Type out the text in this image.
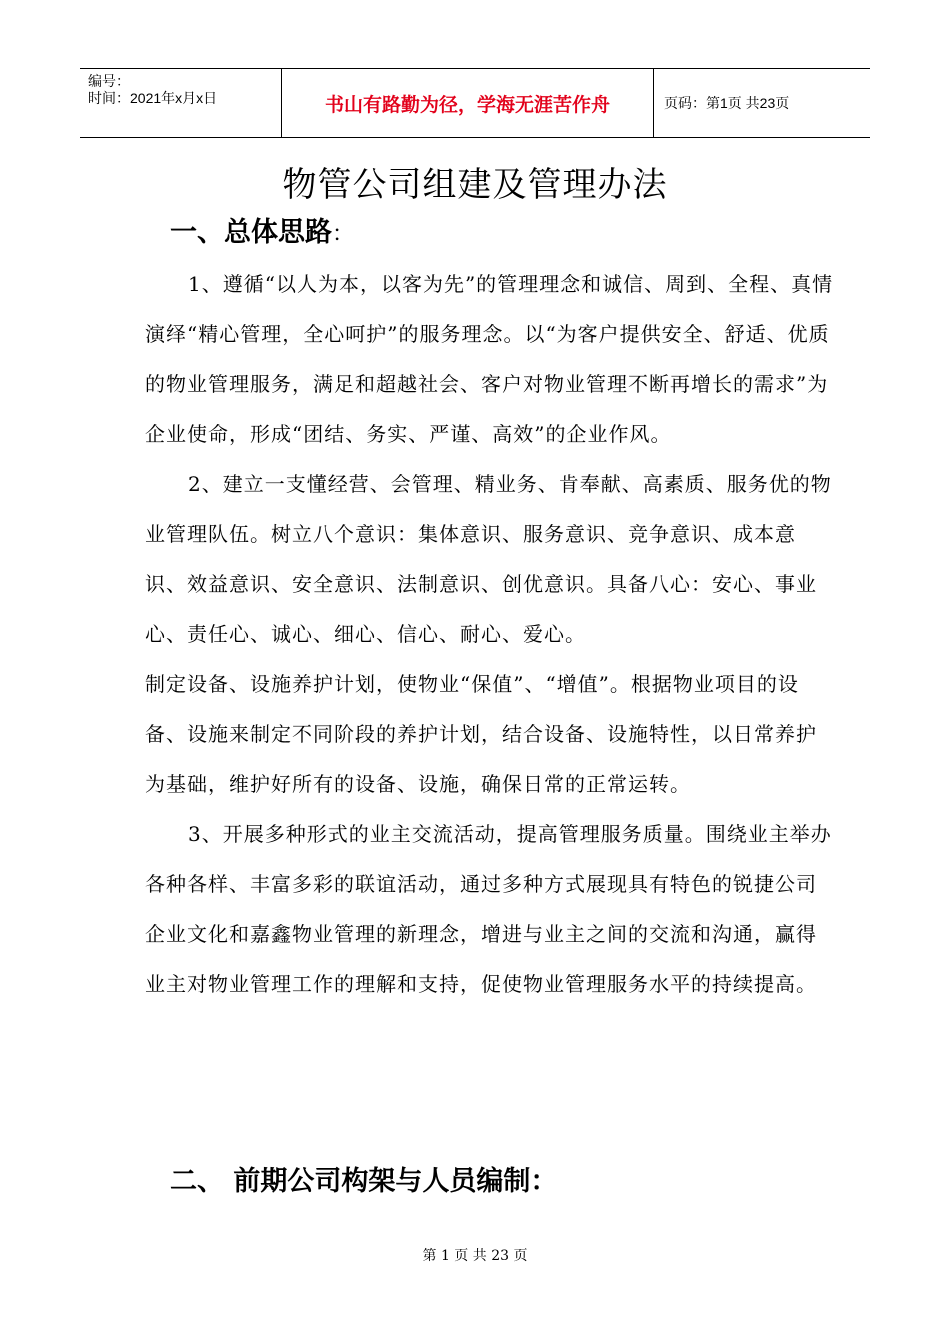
编号：
时间：2021年x月x日	书山有路勤为径，学海无涯苦作舟	页码：第1页 共23页
物管公司组建及管理办法
一、总体思路：

1、遵循“以人为本，以客为先”的管理理念和诚信、周到、全程、真情演绎“精心管理，全心呵护”的服务理念。以“为客户提供安全、舒适、优质的物业管理服务，满足和超越社会、客户对物业管理不断再增长的需求”为企业使命，形成“团结、务实、严谨、高效”的企业作风。

2、建立一支懂经营、会管理、精业务、肯奉献、高素质、服务优的物业管理队伍。树立八个意识：集体意识、服务意识、竞争意识、成本意识、效益意识、安全意识、法制意识、创优意识。具备八心：安心、事业心、责任心、诚心、细心、信心、耐心、爱心。

制定设备、设施养护计划，使物业“保值”、“增值”。根据物业项目的设备、设施来制定不同阶段的养护计划，结合设备、设施特性，以日常养护为基础，维护好所有的设备、设施，确保日常的正常运转。

3、开展多种形式的业主交流活动，提高管理服务质量。围绕业主举办各种各样、丰富多彩的联谊活动，通过多种方式展现具有特色的锐捷公司企业文化和嘉鑫物业管理的新理念，增进与业主之间的交流和沟通，赢得业主对物业管理工作的理解和支持，促使物业管理服务水平的持续提高。

二、 前期公司构架与人员编制：
第 1 页 共 23 页
